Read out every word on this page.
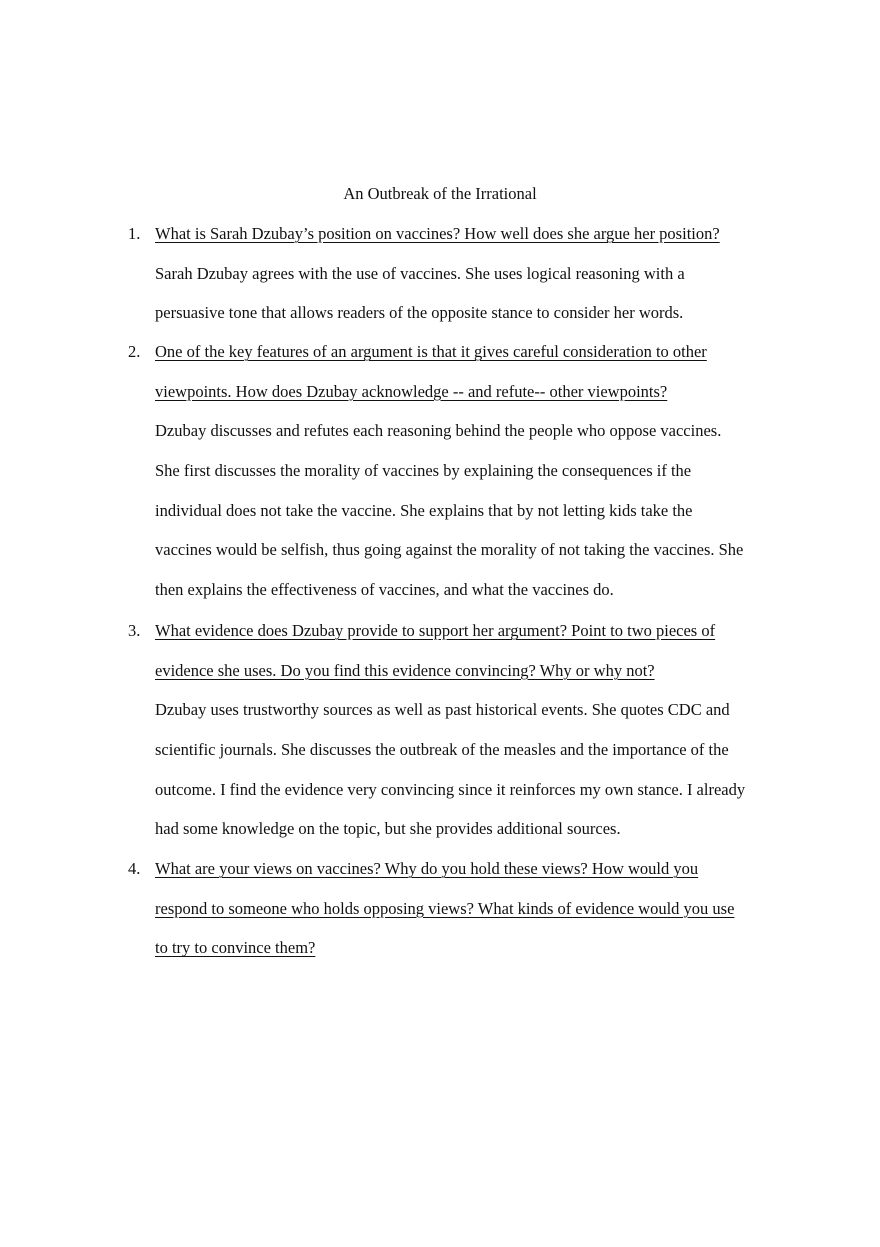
An Outbreak of the Irrational
1. What is Sarah Dzubay’s position on vaccines? How well does she argue her position?
Sarah Dzubay agrees with the use of vaccines. She uses logical reasoning with a
persuasive tone that allows readers of the opposite stance to consider her words.
2. One of the key features of an argument is that it gives careful consideration to other
viewpoints. How does Dzubay acknowledge -- and refute-- other viewpoints?
Dzubay discusses and refutes each reasoning behind the people who oppose vaccines.
She first discusses the morality of vaccines by explaining the consequences if the
individual does not take the vaccine. She explains that by not letting kids take the
vaccines would be selfish, thus going against the morality of not taking the vaccines. She
then explains the effectiveness of vaccines, and what the vaccines do.
3. What evidence does Dzubay provide to support her argument? Point to two pieces of
evidence she uses. Do you find this evidence convincing? Why or why not?
Dzubay uses trustworthy sources as well as past historical events. She quotes CDC and
scientific journals. She discusses the outbreak of the measles and the importance of the
outcome. I find the evidence very convincing since it reinforces my own stance. I already
had some knowledge on the topic, but she provides additional sources.
4. What are your views on vaccines? Why do you hold these views? How would you
respond to someone who holds opposing views? What kinds of evidence would you use
to try to convince them?
